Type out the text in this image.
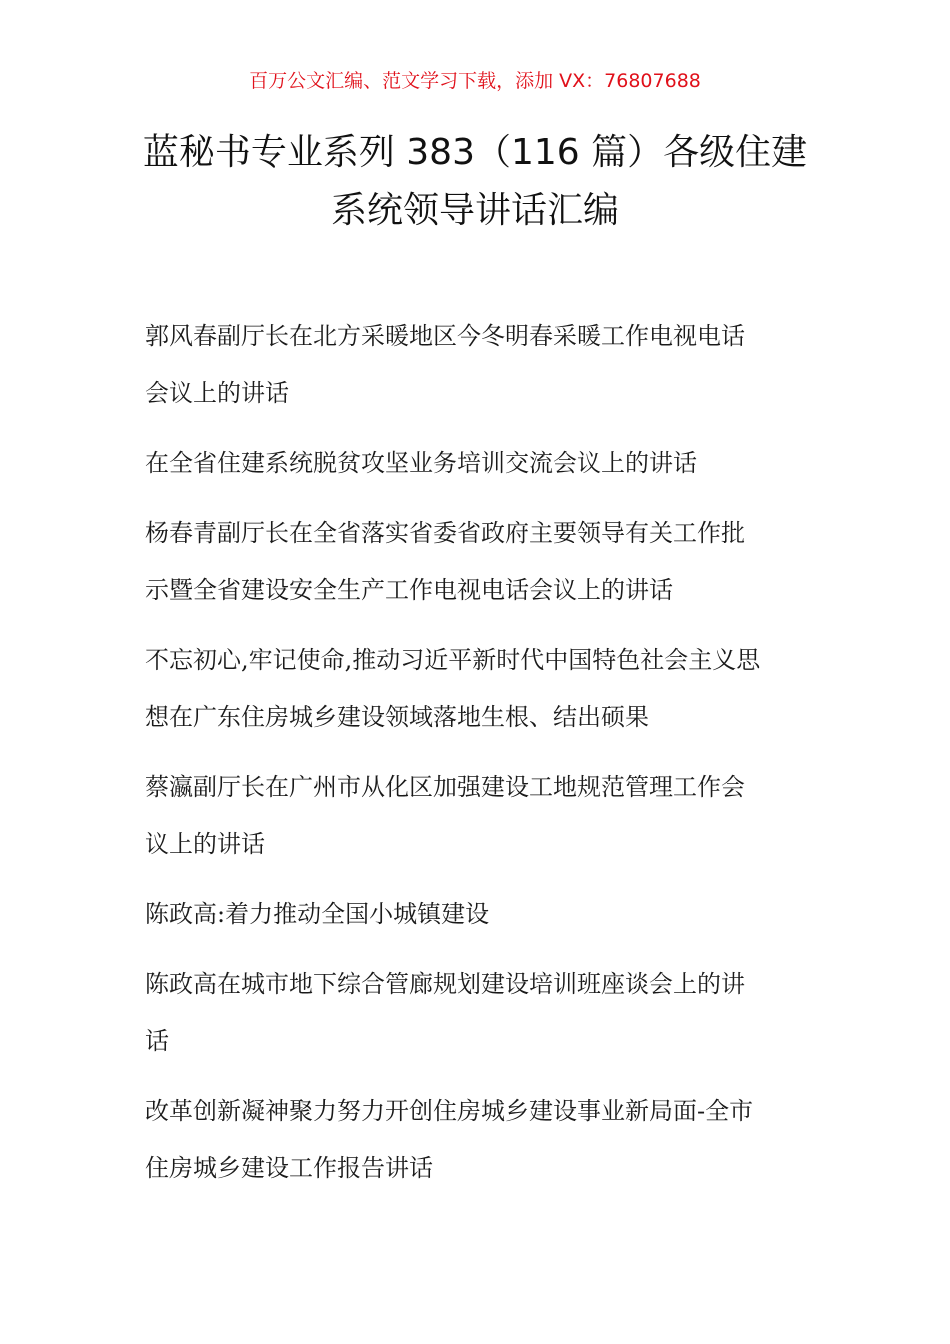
百万公文汇编、范文学习下载，添加 VX：76807688
蓝秘书专业系列 383（116 篇）各级住建
系统领导讲话汇编
郭风春副厅长在北方采暖地区今冬明春采暖工作电视电话
会议上的讲话
在全省住建系统脱贫攻坚业务培训交流会议上的讲话
杨春青副厅长在全省落实省委省政府主要领导有关工作批
示暨全省建设安全生产工作电视电话会议上的讲话
不忘初心,牢记使命,推动习近平新时代中国特色社会主义思
想在广东住房城乡建设领域落地生根、结出硕果
蔡瀛副厅长在广州市从化区加强建设工地规范管理工作会
议上的讲话
陈政高:着力推动全国小城镇建设
陈政高在城市地下综合管廊规划建设培训班座谈会上的讲
话
改革创新凝神聚力努力开创住房城乡建设事业新局面-全市
住房城乡建设工作报告讲话
